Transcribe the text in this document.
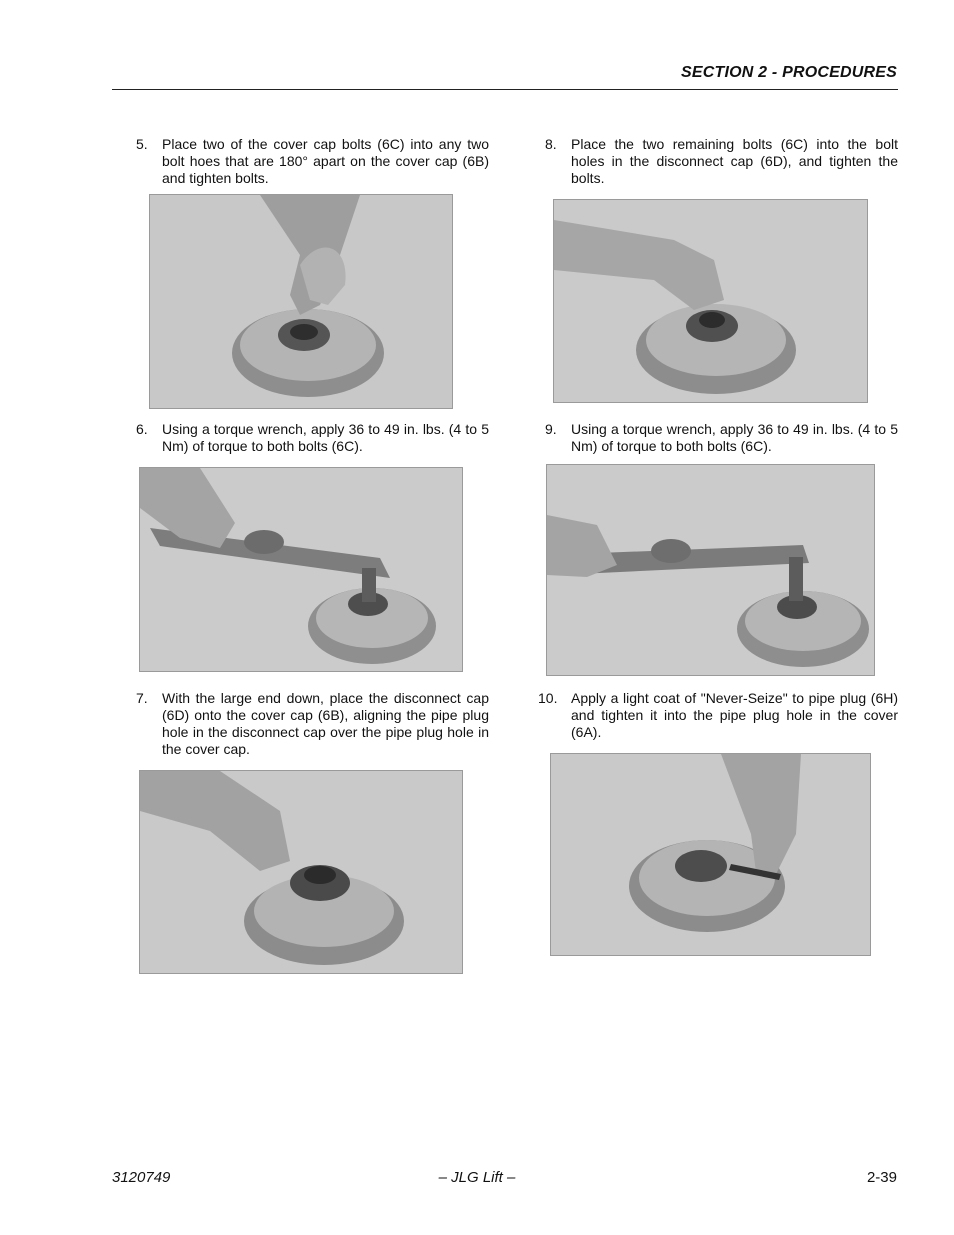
SECTION 2 - PROCEDURES
5. Place two of the cover cap bolts (6C) into any two bolt hoes that are 180° apart on the cover cap (6B) and tighten bolts.
6. Using a torque wrench, apply 36 to 49 in. lbs. (4 to 5 Nm) of torque to both bolts (6C).
7. With the large end down, place the disconnect cap (6D) onto the cover cap (6B), aligning the pipe plug hole in the disconnect cap over the pipe plug hole in the cover cap.
8. Place the two remaining bolts (6C) into the bolt holes in the disconnect cap (6D), and tighten the bolts.
9. Using a torque wrench, apply 36 to 49 in. lbs. (4 to 5 Nm) of torque to both bolts (6C).
10. Apply a light coat of "Never-Seize" to pipe plug (6H) and tighten it into the pipe plug hole in the cover (6A).
3120749	– JLG Lift –	2-39
